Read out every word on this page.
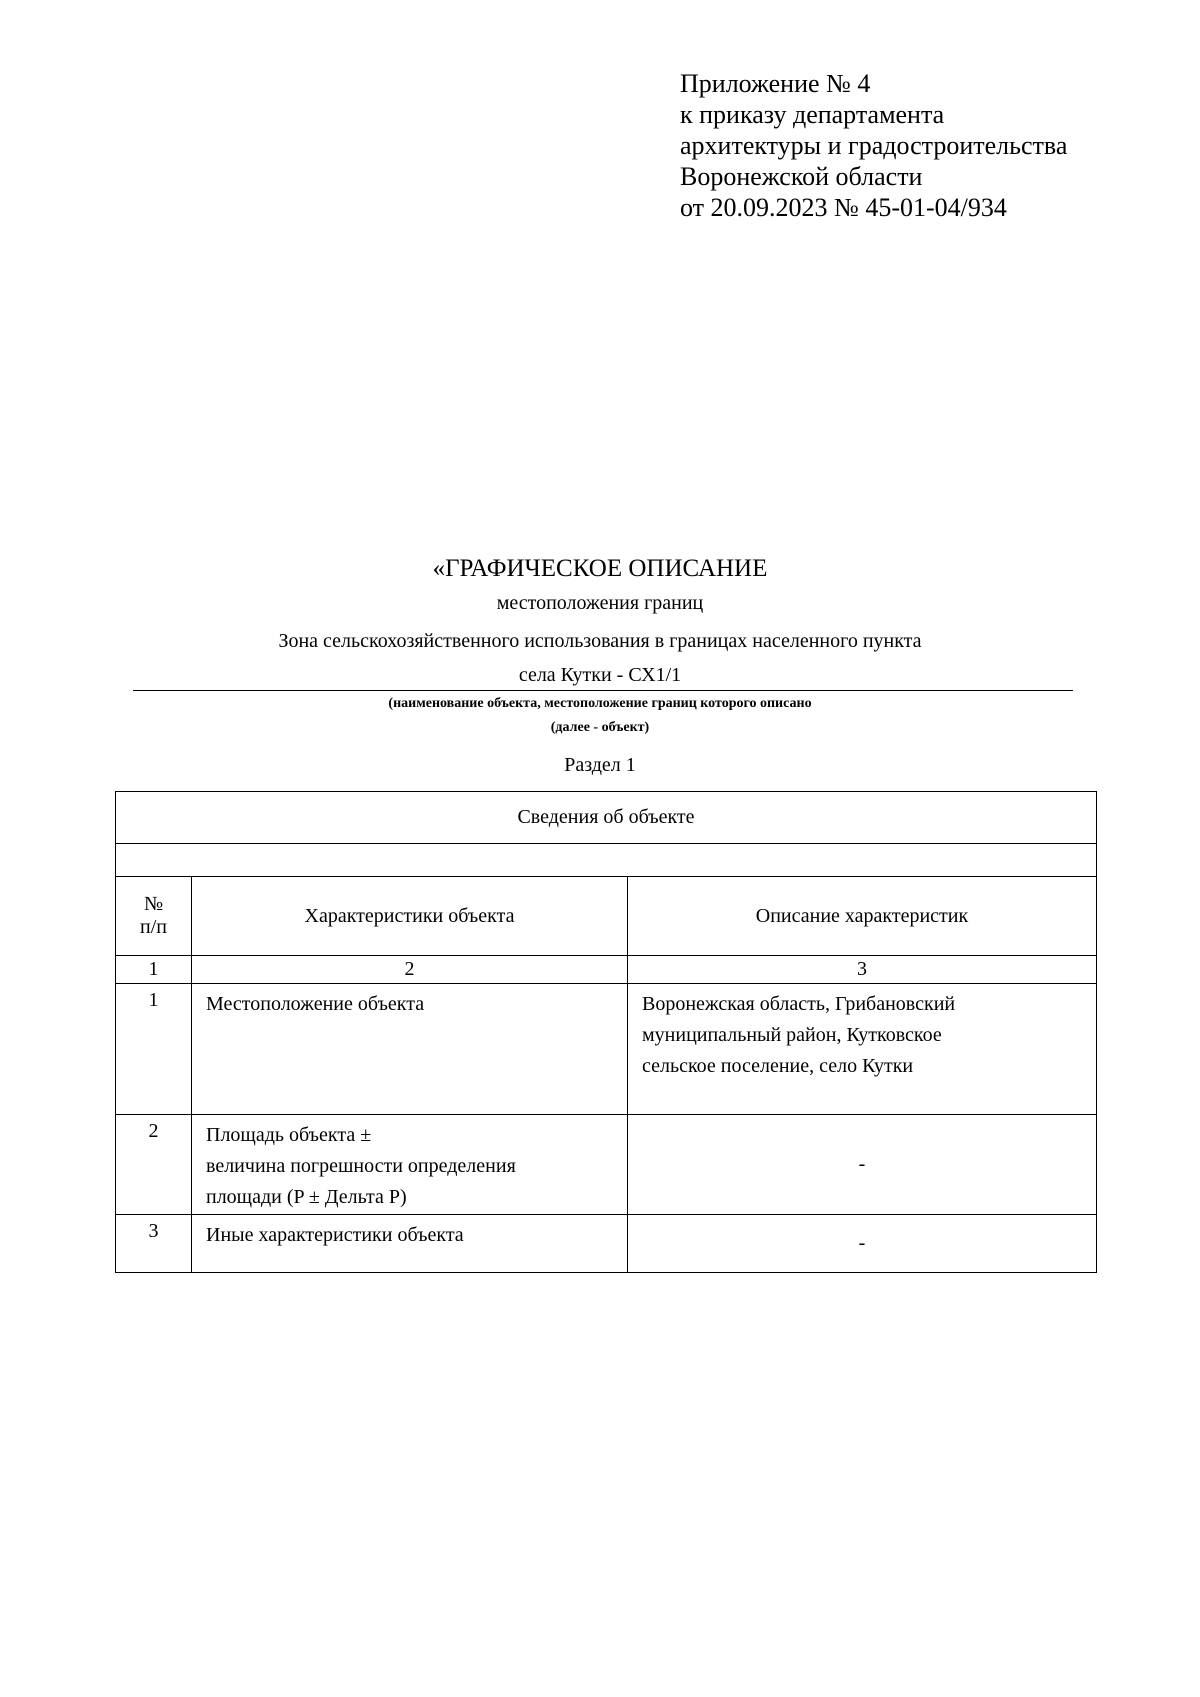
Приложение № 4
к приказу департамента
архитектуры и градостроительства
Воронежской области
от 20.09.2023 № 45-01-04/934
«ГРАФИЧЕСКОЕ ОПИСАНИЕ
местоположения границ
Зона сельскохозяйственного использования в границах населенного пункта
села Кутки - СХ1/1
(наименование объекта, местоположение границ которого описано
(далее - объект)
Раздел 1
Сведения об объекте		

№
п/п	Характеристики объекта	Описание характеристик
1	2	3
1	Местоположение объекта	Воронежская область, Грибановский
муниципальный район, Кутковское
сельское поселение, село Кутки

2	Площадь объекта ±
величина погрешности определения
площади (P ± Дельта P)	-

3	Иные характеристики объекта	-
